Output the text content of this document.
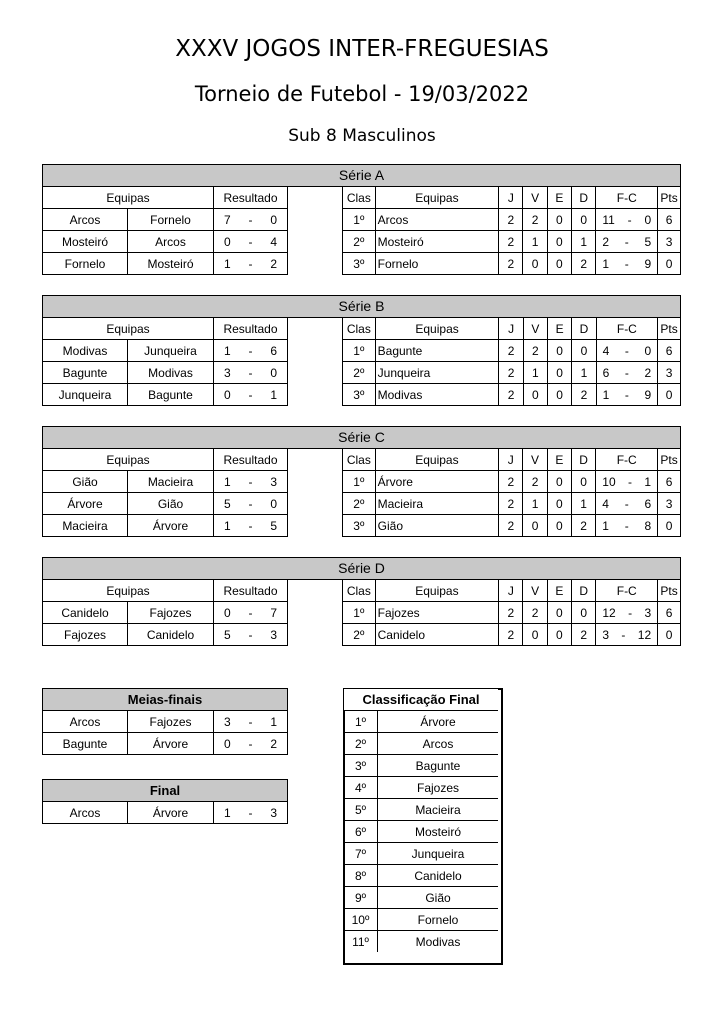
XXXV JOGOS INTER-FREGUESIAS
Torneio de Futebol - 19/03/2022
Sub 8 Masculinos
Série A
Equipas		Resultado
Arcos	Fornelo	7 - 0

Mosteiró	Arcos	0 - 4

Fornelo	Mosteiró	1 - 2
Clas	Equipas	J	V	E	D	F-C	Pts
1º	Arcos	2	2	0	0	11 - 0	6
2º	Mosteiró	2	1	0	1	2 - 5	3
3º	Fornelo	2	0	0	2	1 - 9	0
Série B
Equipas		Resultado
Modivas	Junqueira	1 - 6

Bagunte	Modivas	3 - 0

Junqueira	Bagunte	0 - 1
Clas	Equipas	J	V	E	D	F-C	Pts
1º	Bagunte	2	2	0	0	4 - 0	6
2º	Junqueira	2	1	0	1	6 - 2	3
3º	Modivas	2	0	0	2	1 - 9	0
Série C
Equipas		Resultado
Gião	Macieira	1 - 3

Árvore	Gião	5 - 0

Macieira	Árvore	1 - 5
Clas	Equipas	J	V	E	D	F-C	Pts
1º	Árvore	2	2	0	0	10 - 1	6
2º	Macieira	2	1	0	1	4 - 6	3
3º	Gião	2	0	0	2	1 - 8	0
Série D
Equipas		Resultado
Canidelo	Fajozes	0 - 7

Fajozes	Canidelo	5 - 3
Clas	Equipas	J	V	E	D	F-C	Pts
1º	Fajozes	2	2	0	0	12 - 3	6
2º	Canidelo	2	0	0	2	3 - 12	0
Meias-finais		
Arcos	Fajozes	3 - 1

Bagunte	Árvore	0 - 2
Final
Arcos	Árvore	1 - 3
Classificação Final	
1º	Árvore
2º	Arcos
3º	Bagunte
4º	Fajozes
5º	Macieira
6º	Mosteiró
7º	Junqueira
8º	Canidelo
9º	Gião
10º	Fornelo
11º	Modivas
